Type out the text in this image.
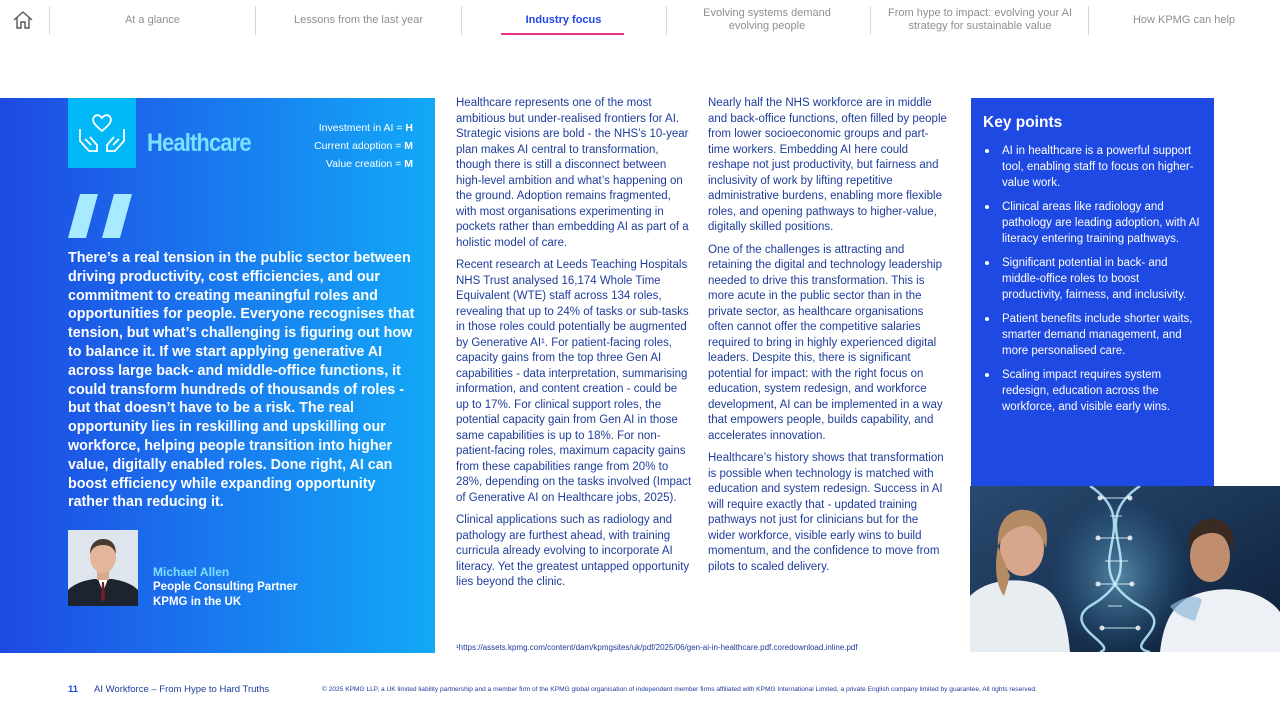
At a glance	Lessons from the last year	Industry focus
Evolving systems demand evolving people
From hype to impact: evolving your AI strategy for sustainable value
How KPMG can help
Healthcare
Investment in AI = H
Current adoption = M
Value creation = M
There’s a real tension in the public sector between driving productivity, cost efficiencies, and our commitment to creating meaningful roles and opportunities for people. Everyone recognises that tension, but what’s challenging is figuring out how to balance it. If we start applying generative AI across large back- and middle-office functions, it could transform hundreds of thousands of roles - but that doesn’t have to be a risk. The real opportunity lies in reskilling and upskilling our workforce, helping people transition into higher value, digitally enabled roles. Done right, AI can boost efficiency while expanding opportunity rather than reducing it.
Michael Allen
People Consulting Partner
KPMG in the UK

Healthcare represents one of the most ambitious but under-realised frontiers for AI. Strategic visions are bold - the NHS’s 10-year plan makes AI central to transformation, though there is still a disconnect between high-level ambition and what’s happening on the ground. Adoption remains fragmented, with most organisations experimenting in pockets rather than embedding AI as part of a holistic model of care.

Recent research at Leeds Teaching Hospitals NHS Trust analysed 16,174 Whole Time Equivalent (WTE) staff across 134 roles, revealing that up to 24% of tasks or sub-tasks in those roles could potentially be augmented by Generative AI¹. For patient-facing roles, capacity gains from the top three Gen AI capabilities - data interpretation, summarising information, and content creation - could be up to 17%. For clinical support roles, the potential capacity gain from Gen AI in those same capabilities is up to 18%. For non-patient-facing roles, maximum capacity gains from these capabilities range from 20% to 28%, depending on the tasks involved (Impact of Generative AI on Healthcare jobs, 2025).

Clinical applications such as radiology and pathology are furthest ahead, with training curricula already evolving to incorporate AI literacy. Yet the greatest untapped opportunity lies beyond the clinic.

Nearly half the NHS workforce are in middle and back-office functions, often filled by people from lower socioeconomic groups and part-time workers. Embedding AI here could reshape not just productivity, but fairness and inclusivity of work by lifting repetitive administrative burdens, enabling more flexible roles, and opening pathways to higher-value, digitally skilled positions.

One of the challenges is attracting and retaining the digital and technology leadership needed to drive this transformation. This is more acute in the public sector than in the private sector, as healthcare organisations often cannot offer the competitive salaries required to bring in highly experienced digital leaders. Despite this, there is significant potential for impact: with the right focus on education, system redesign, and workforce development, AI can be implemented in a way that empowers people, builds capability, and accelerates innovation.

Healthcare’s history shows that transformation is possible when technology is matched with education and system redesign. Success in AI will require exactly that - updated training pathways not just for clinicians but for the wider workforce, visible early wins to build momentum, and the confidence to move from pilots to scaled delivery.

¹https://assets.kpmg.com/content/dam/kpmgsites/uk/pdf/2025/06/gen-ai-in-healthcare.pdf.coredownload.inline.pdf
Key points
AI in healthcare is a powerful support tool, enabling staff to focus on higher-value work.
Clinical areas like radiology and pathology are leading adoption, with AI literacy entering training pathways.
Significant potential in back- and middle-office roles to boost productivity, fairness, and inclusivity.
Patient benefits include shorter waits, smarter demand management, and more personalised care.
Scaling impact requires system redesign, education across the workforce, and visible early wins.
11 AI Workforce – From Hype to Hard Truths	© 2025 KPMG LLP, a UK limited liability partnership and a member firm of the KPMG global organisation of independent member firms affiliated with KPMG International Limited, a private English company limited by guarantee. All rights reserved.
